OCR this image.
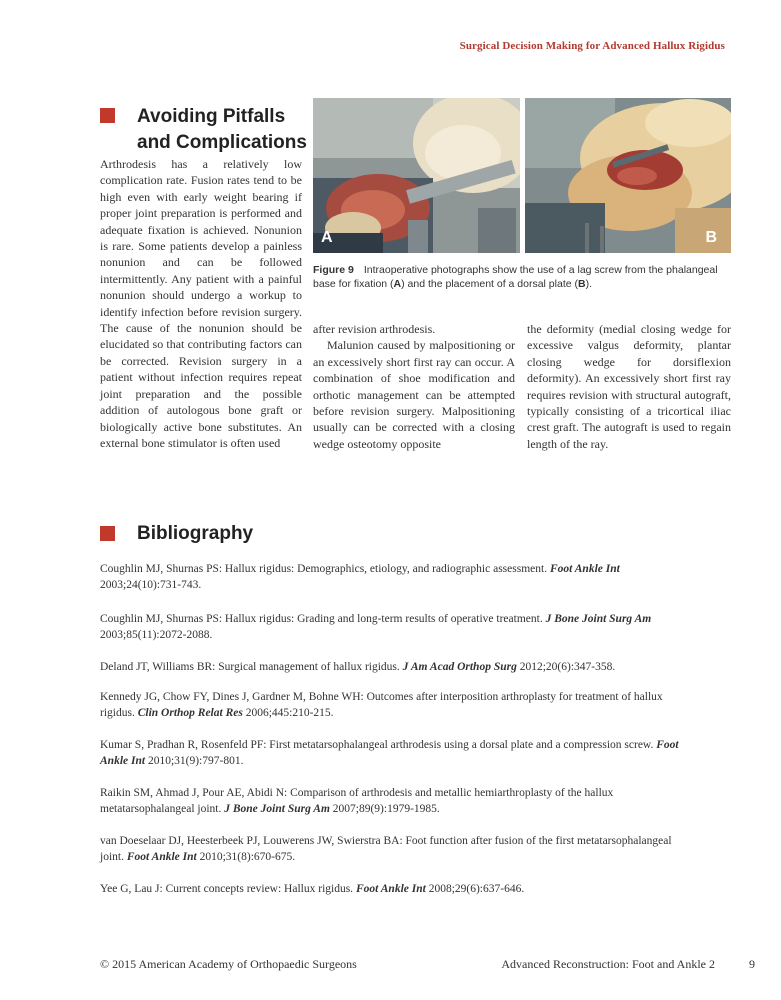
Surgical Decision Making for Advanced Hallux Rigidus
Avoiding Pitfalls
and Complications

Arthrodesis has a relatively low complication rate. Fusion rates tend to be high even with early weight bearing if proper joint preparation is performed and adequate fixation is achieved. Nonunion is rare. Some patients develop a painless nonunion and can be followed intermittently. Any patient with a painful nonunion should undergo a workup to identify infection before revision surgery. The cause of the nonunion should be elucidated so that contributing factors can be corrected. Revision surgery in a patient without infection requires repeat joint preparation and the possible addition of autologous bone graft or biologically active bone substitutes. An external bone stimulator is often used

A	B

Figure 9 Intraoperative photographs show the use of a lag screw from the phalangeal base for fixation (A) and the placement of a dorsal plate (B).

after revision arthrodesis.

Malunion caused by malpositioning or an excessively short first ray can occur. A combination of shoe modification and orthotic management can be attempted before revision surgery. Malpositioning usually can be corrected with a closing wedge osteotomy opposite

the deformity (medial closing wedge for excessive valgus deformity, plantar closing wedge for dorsiflexion deformity). An excessively short first ray requires revision with structural autograft, typically consisting of a tricortical iliac crest graft. The autograft is used to regain length of the ray.

Bibliography

Coughlin MJ, Shurnas PS: Hallux rigidus: Demographics, etiology, and radiographic assessment. Foot Ankle Int 2003;24(10):731-743.

Coughlin MJ, Shurnas PS: Hallux rigidus: Grading and long-term results of operative treatment. J Bone Joint Surg Am 2003;85(11):2072-2088.

Deland JT, Williams BR: Surgical management of hallux rigidus. J Am Acad Orthop Surg 2012;20(6):347-358.

Kennedy JG, Chow FY, Dines J, Gardner M, Bohne WH: Outcomes after interposition arthroplasty for treatment of hallux rigidus. Clin Orthop Relat Res 2006;445:210-215.

Kumar S, Pradhan R, Rosenfeld PF: First metatarsophalangeal arthrodesis using a dorsal plate and a compression screw. Foot Ankle Int 2010;31(9):797-801.

Raikin SM, Ahmad J, Pour AE, Abidi N: Comparison of arthrodesis and metallic hemiarthroplasty of the hallux metatarsophalangeal joint. J Bone Joint Surg Am 2007;89(9):1979-1985.

van Doeselaar DJ, Heesterbeek PJ, Louwerens JW, Swierstra BA: Foot function after fusion of the first metatarsophalangeal joint. Foot Ankle Int 2010;31(8):670-675.

Yee G, Lau J: Current concepts review: Hallux rigidus. Foot Ankle Int 2008;29(6):637-646.

© 2015 American Academy of Orthopaedic Surgeons	Advanced Reconstruction: Foot and Ankle 2	9
